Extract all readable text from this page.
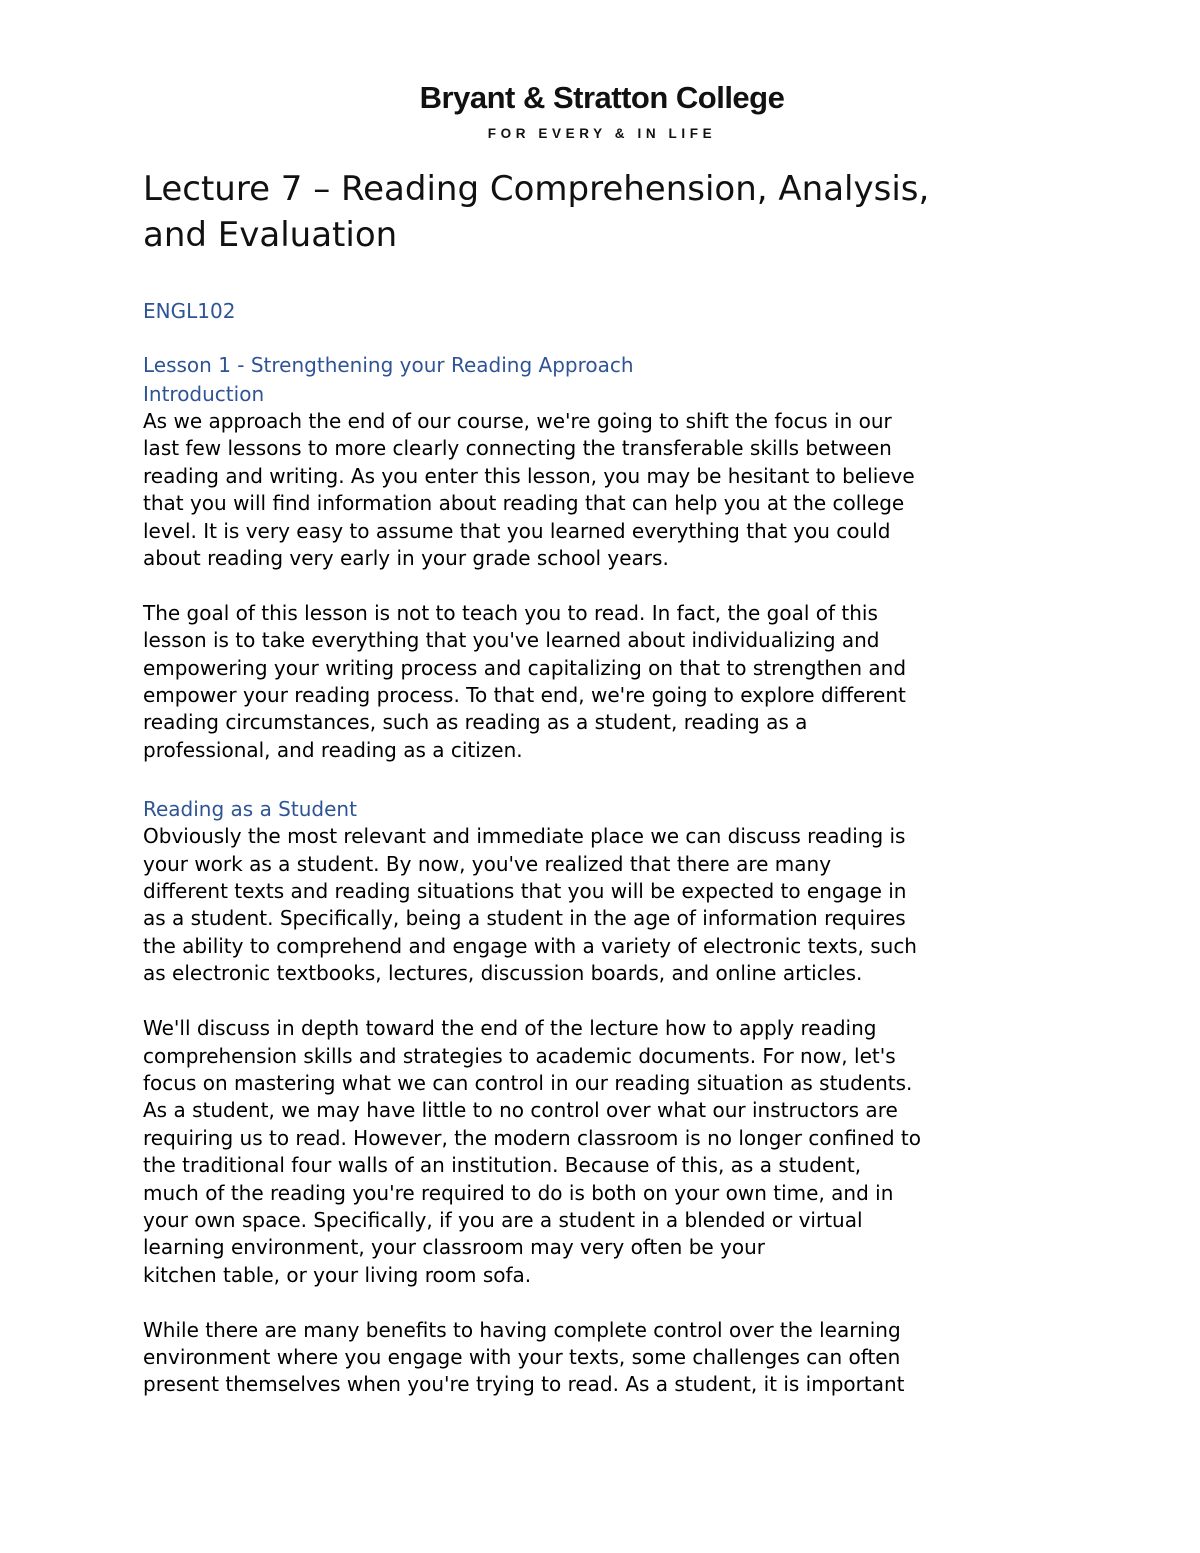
Bryant & Stratton College
FOR EVERY & IN LIFE
Lecture 7 – Reading Comprehension, Analysis,
and Evaluation

ENGL102

Lesson 1 - Strengthening your Reading Approach
Introduction

As we approach the end of our course, we're going to shift the focus in our
last few lessons to more clearly connecting the transferable skills between
reading and writing. As you enter this lesson, you may be hesitant to believe
that you will find information about reading that can help you at the college
level. It is very easy to assume that you learned everything that you could
about reading very early in your grade school years.

The goal of this lesson is not to teach you to read. In fact, the goal of this
lesson is to take everything that you've learned about individualizing and
empowering your writing process and capitalizing on that to strengthen and
empower your reading process. To that end, we're going to explore different
reading circumstances, such as reading as a student, reading as a
professional, and reading as a citizen.

Reading as a Student

Obviously the most relevant and immediate place we can discuss reading is
your work as a student. By now, you've realized that there are many
different texts and reading situations that you will be expected to engage in
as a student. Specifically, being a student in the age of information requires
the ability to comprehend and engage with a variety of electronic texts, such
as electronic textbooks, lectures, discussion boards, and online articles.

We'll discuss in depth toward the end of the lecture how to apply reading
comprehension skills and strategies to academic documents. For now, let's
focus on mastering what we can control in our reading situation as students.
As a student, we may have little to no control over what our instructors are
requiring us to read. However, the modern classroom is no longer confined to
the traditional four walls of an institution. Because of this, as a student,
much of the reading you're required to do is both on your own time, and in
your own space. Specifically, if you are a student in a blended or virtual
learning environment, your classroom may very often be your
kitchen table, or your living room sofa.

While there are many benefits to having complete control over the learning
environment where you engage with your texts, some challenges can often
present themselves when you're trying to read. As a student, it is important
